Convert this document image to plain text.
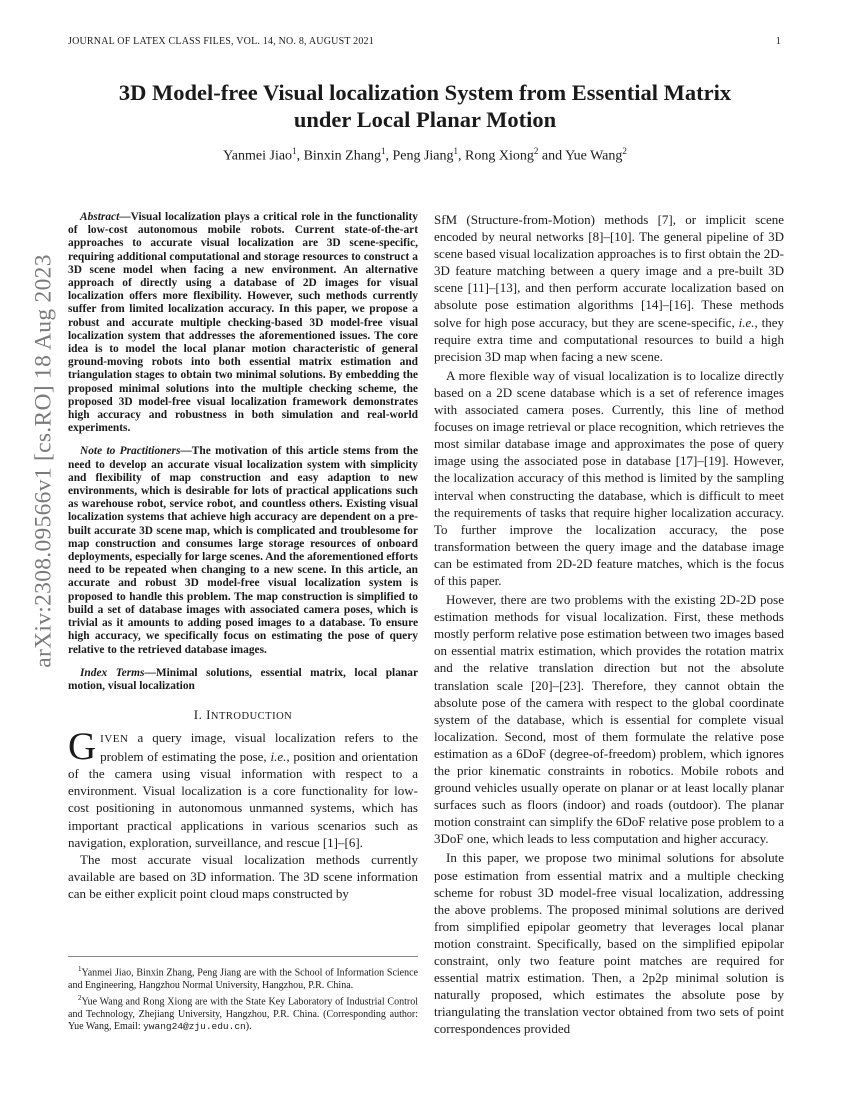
JOURNAL OF LATEX CLASS FILES, VOL. 14, NO. 8, AUGUST 2021	1
arXiv:2308.09566v1 [cs.RO] 18 Aug 2023
3D Model-free Visual localization System from Essential Matrix
under Local Planar Motion
Yanmei Jiao$^1$, Binxin Zhang$^1$, Peng Jiang$^1$, Rong Xiong$^2$ and Yue Wang$^2$

Abstract—Visual localization plays a critical role in the functionality of low-cost autonomous mobile robots. Current state-of-the-art approaches to accurate visual localization are 3D scene-specific, requiring additional computational and storage resources to construct a 3D scene model when facing a new environment. An alternative approach of directly using a database of 2D images for visual localization offers more flexibility. However, such methods currently suffer from limited localization accuracy. In this paper, we propose a robust and accurate multiple checking-based 3D model-free visual localization system that addresses the aforementioned issues. The core idea is to model the local planar motion characteristic of general ground-moving robots into both essential matrix estimation and triangulation stages to obtain two minimal solutions. By embedding the proposed minimal solutions into the multiple checking scheme, the proposed 3D model-free visual localization framework demonstrates high accuracy and robustness in both simulation and real-world experiments.

Note to Practitioners—The motivation of this article stems from the need to develop an accurate visual localization system with simplicity and flexibility of map construction and easy adaption to new environments, which is desirable for lots of practical applications such as warehouse robot, service robot, and countless others. Existing visual localization systems that achieve high accuracy are dependent on a pre-built accurate 3D scene map, which is complicated and troublesome for map construction and consumes large storage resources of onboard deployments, especially for large scenes. And the aforementioned efforts need to be repeated when changing to a new scene. In this article, an accurate and robust 3D model-free visual localization system is proposed to handle this problem. The map construction is simplified to build a set of database images with associated camera poses, which is trivial as it amounts to adding posed images to a database. To ensure high accuracy, we specifically focus on estimating the pose of query relative to the retrieved database images.

Index Terms—Minimal solutions, essential matrix, local planar motion, visual localization

I. INTRODUCTION

GIVEN a query image, visual localization refers to the problem of estimating the pose, i.e., position and orientation of the camera using visual information with respect to a environment. Visual localization is a core functionality for low-cost positioning in autonomous unmanned systems, which has important practical applications in various scenarios such as navigation, exploration, surveillance, and rescue [1]–[6].

The most accurate visual localization methods currently available are based on 3D information. The 3D scene information can be either explicit point cloud maps constructed by

$^1$Yanmei Jiao, Binxin Zhang, Peng Jiang are with the School of Information Science and Engineering, Hangzhou Normal University, Hangzhou, P.R. China.

$^2$Yue Wang and Rong Xiong are with the State Key Laboratory of Industrial Control and Technology, Zhejiang University, Hangzhou, P.R. China. (Corresponding author: Yue Wang, Email: ywang24@zju.edu.cn).

SfM (Structure-from-Motion) methods [7], or implicit scene encoded by neural networks [8]–[10]. The general pipeline of 3D scene based visual localization approaches is to first obtain the 2D-3D feature matching between a query image and a pre-built 3D scene [11]–[13], and then perform accurate localization based on absolute pose estimation algorithms [14]–[16]. These methods solve for high pose accuracy, but they are scene-specific, i.e., they require extra time and computational resources to build a high precision 3D map when facing a new scene.

A more flexible way of visual localization is to localize directly based on a 2D scene database which is a set of reference images with associated camera poses. Currently, this line of method focuses on image retrieval or place recognition, which retrieves the most similar database image and approximates the pose of query image using the associated pose in database [17]–[19]. However, the localization accuracy of this method is limited by the sampling interval when constructing the database, which is difficult to meet the requirements of tasks that require higher localization accuracy. To further improve the localization accuracy, the pose transformation between the query image and the database image can be estimated from 2D-2D feature matches, which is the focus of this paper.

However, there are two problems with the existing 2D-2D pose estimation methods for visual localization. First, these methods mostly perform relative pose estimation between two images based on essential matrix estimation, which provides the rotation matrix and the relative translation direction but not the absolute translation scale [20]–[23]. Therefore, they cannot obtain the absolute pose of the camera with respect to the global coordinate system of the database, which is essential for complete visual localization. Second, most of them formulate the relative pose estimation as a 6DoF (degree-of-freedom) problem, which ignores the prior kinematic constraints in robotics. Mobile robots and ground vehicles usually operate on planar or at least locally planar surfaces such as floors (indoor) and roads (outdoor). The planar motion constraint can simplify the 6DoF relative pose problem to a 3DoF one, which leads to less computation and higher accuracy.

In this paper, we propose two minimal solutions for absolute pose estimation from essential matrix and a multiple checking scheme for robust 3D model-free visual localization, addressing the above problems. The proposed minimal solutions are derived from simplified epipolar geometry that leverages local planar motion constraint. Specifically, based on the simplified epipolar constraint, only two feature point matches are required for essential matrix estimation. Then, a 2p2p minimal solution is naturally proposed, which estimates the absolute pose by triangulating the translation vector obtained from two sets of point correspondences provided
